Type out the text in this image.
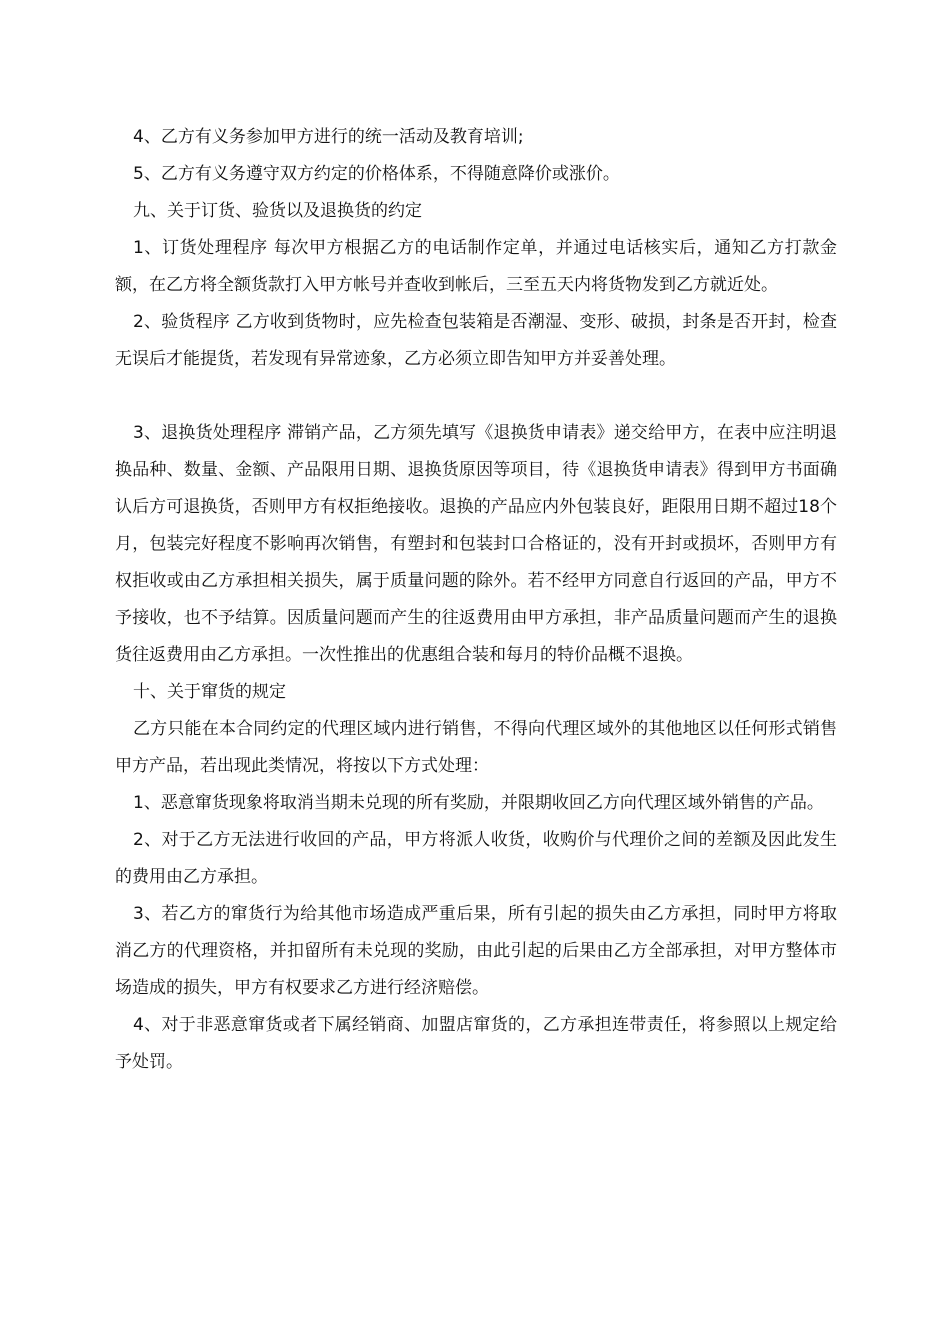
4、乙方有义务参加甲方进行的统一活动及教育培训;

5、乙方有义务遵守双方约定的价格体系，不得随意降价或涨价。

九、关于订货、验货以及退换货的约定

1、订货处理程序 每次甲方根据乙方的电话制作定单，并通过电话核实后，通知乙方打款金额，在乙方将全额货款打入甲方帐号并查收到帐后，三至五天内将货物发到乙方就近处。

2、验货程序 乙方收到货物时，应先检查包装箱是否潮湿、变形、破损，封条是否开封，检查无误后才能提货，若发现有异常迹象，乙方必须立即告知甲方并妥善处理。

3、退换货处理程序 滞销产品，乙方须先填写《退换货申请表》递交给甲方，在表中应注明退换品种、数量、金额、产品限用日期、退换货原因等项目，待《退换货申请表》得到甲方书面确认后方可退换货，否则甲方有权拒绝接收。退换的产品应内外包装良好，距限用日期不超过18个月，包装完好程度不影响再次销售，有塑封和包装封口合格证的，没有开封或损坏，否则甲方有权拒收或由乙方承担相关损失，属于质量问题的除外。若不经甲方同意自行返回的产品，甲方不予接收，也不予结算。因质量问题而产生的往返费用由甲方承担，非产品质量问题而产生的退换货往返费用由乙方承担。一次性推出的优惠组合装和每月的特价品概不退换。

十、关于窜货的规定

乙方只能在本合同约定的代理区域内进行销售，不得向代理区域外的其他地区以任何形式销售甲方产品，若出现此类情况，将按以下方式处理：

1、恶意窜货现象将取消当期未兑现的所有奖励，并限期收回乙方向代理区域外销售的产品。

2、对于乙方无法进行收回的产品，甲方将派人收货，收购价与代理价之间的差额及因此发生的费用由乙方承担。

3、若乙方的窜货行为给其他市场造成严重后果，所有引起的损失由乙方承担，同时甲方将取消乙方的代理资格，并扣留所有未兑现的奖励，由此引起的后果由乙方全部承担，对甲方整体市场造成的损失，甲方有权要求乙方进行经济赔偿。

4、对于非恶意窜货或者下属经销商、加盟店窜货的，乙方承担连带责任，将参照以上规定给予处罚。
